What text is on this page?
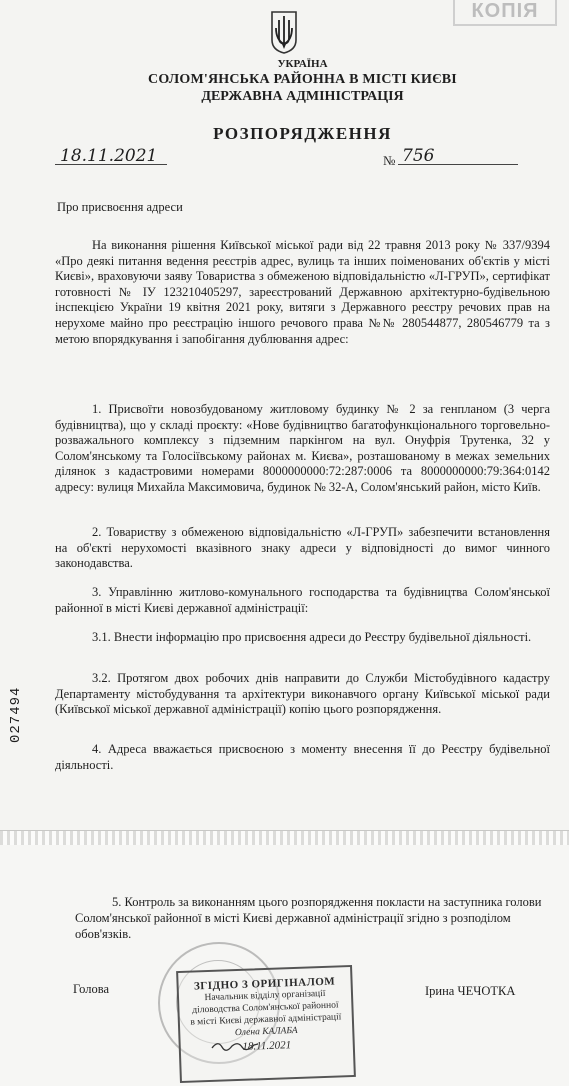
КОПІЯ
УКРАЇНА
СОЛОМ'ЯНСЬКА РАЙОННА В МІСТІ КИЄВІ
ДЕРЖАВНА АДМІНІСТРАЦІЯ
РОЗПОРЯДЖЕННЯ
18.11.2021	№ 756
Про присвоєння адреси

На виконання рішення Київської міської ради від 22 травня 2013 року № 337/9394 «Про деякі питання ведення реєстрів адрес, вулиць та інших поіменованих об'єктів у місті Києві», враховуючи заяву Товариства з обмеженою відповідальністю «Л-ГРУП», сертифікат готовності № ІУ 123210405297, зареєстрований Державною архітектурно-будівельною інспекцією України 19 квітня 2021 року, витяги з Державного реєстру речових прав на нерухоме майно про реєстрацію іншого речового права №№ 280544877, 280546779 та з метою впорядкування і запобігання дублювання адрес:

1. Присвоїти новозбудованому житловому будинку № 2 за генпланом (3 черга будівництва), що у складі проєкту: «Нове будівництво багатофункціонального торговельно-розважального комплексу з підземним паркінгом на вул. Онуфрія Трутенка, 32 у Солом'янському та Голосіївському районах м. Києва», розташованому в межах земельних ділянок з кадастровими номерами 8000000000:72:287:0006 та 8000000000:79:364:0142 адресу: вулиця Михайла Максимовича, будинок № 32-А, Солом'янський район, місто Київ.

2. Товариству з обмеженою відповідальністю «Л-ГРУП» забезпечити встановлення на об'єкті нерухомості вказівного знаку адреси у відповідності до вимог чинного законодавства.

3. Управлінню житлово-комунального господарства та будівництва Солом'янської районної в місті Києві державної адміністрації:

3.1. Внести інформацію про присвоєння адреси до Реєстру будівельної діяльності.

3.2. Протягом двох робочих днів направити до Служби Містобудівного кадастру Департаменту містобудування та архітектури виконавчого органу Київської міської ради (Київської міської державної адміністрації) копію цього розпорядження.

4. Адреса вважається присвоєною з моменту внесення її до Реєстру будівельної діяльності.

027494

5. Контроль за виконанням цього розпорядження покласти на заступника голови Солом'янської районної в місті Києві державної адміністрації згідно з розподілом обов'язків.

Голова	Ірина ЧЕЧОТКА
ЗГІДНО З ОРИГІНАЛОМ
Начальник відділу організації
діловодства Солом'янської районної
в місті Києві державної адміністрації
Олена КАЛАБА
18.11.2021
